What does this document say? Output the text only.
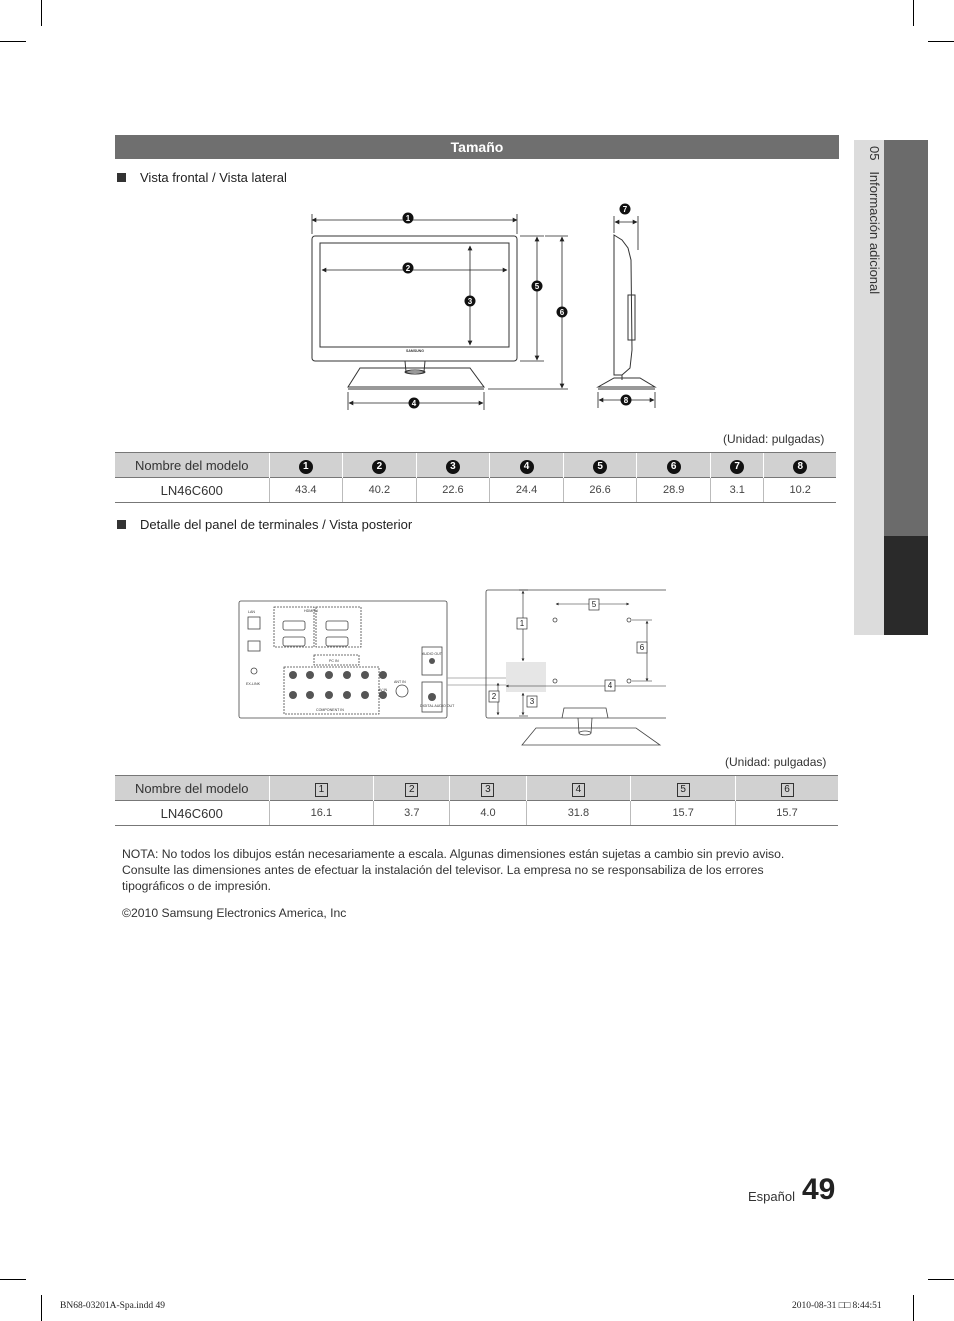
05   Información adicional
Tamaño
Vista frontal / Vista lateral
1
2
3
4
5
6
7
8
SAMSUNG
(Unidad: pulgadas)
Nombre del modelo	1	2	3	4	5	6	7	8
LN46C600	43.4	40.2	22.6	24.4	26.6	28.9	3.1	10.2
Detalle del panel de terminales / Vista posterior
LAN	HDMI IN
PC IN
AUDIO OUT
ANT IN
EX-LINK
COMPONENT IN
AV IN
DIGITAL AUDIO OUT
1
2
3
4
5
6
(Unidad: pulgadas)
Nombre del modelo	1	2	3	4	5	6
LN46C600	16.1	3.7	4.0	31.8	15.7	15.7
NOTA: No todos los dibujos están necesariamente a escala. Algunas dimensiones están sujetas a cambio sin previo aviso. Consulte las dimensiones antes de efectuar la instalación del televisor. La empresa no se responsabiliza de los errores tipográficos o de impresión.
©2010 Samsung Electronics America, Inc
Español 49
BN68-03201A-Spa.indd 49	2010-08-31 □□ 8:44:51
